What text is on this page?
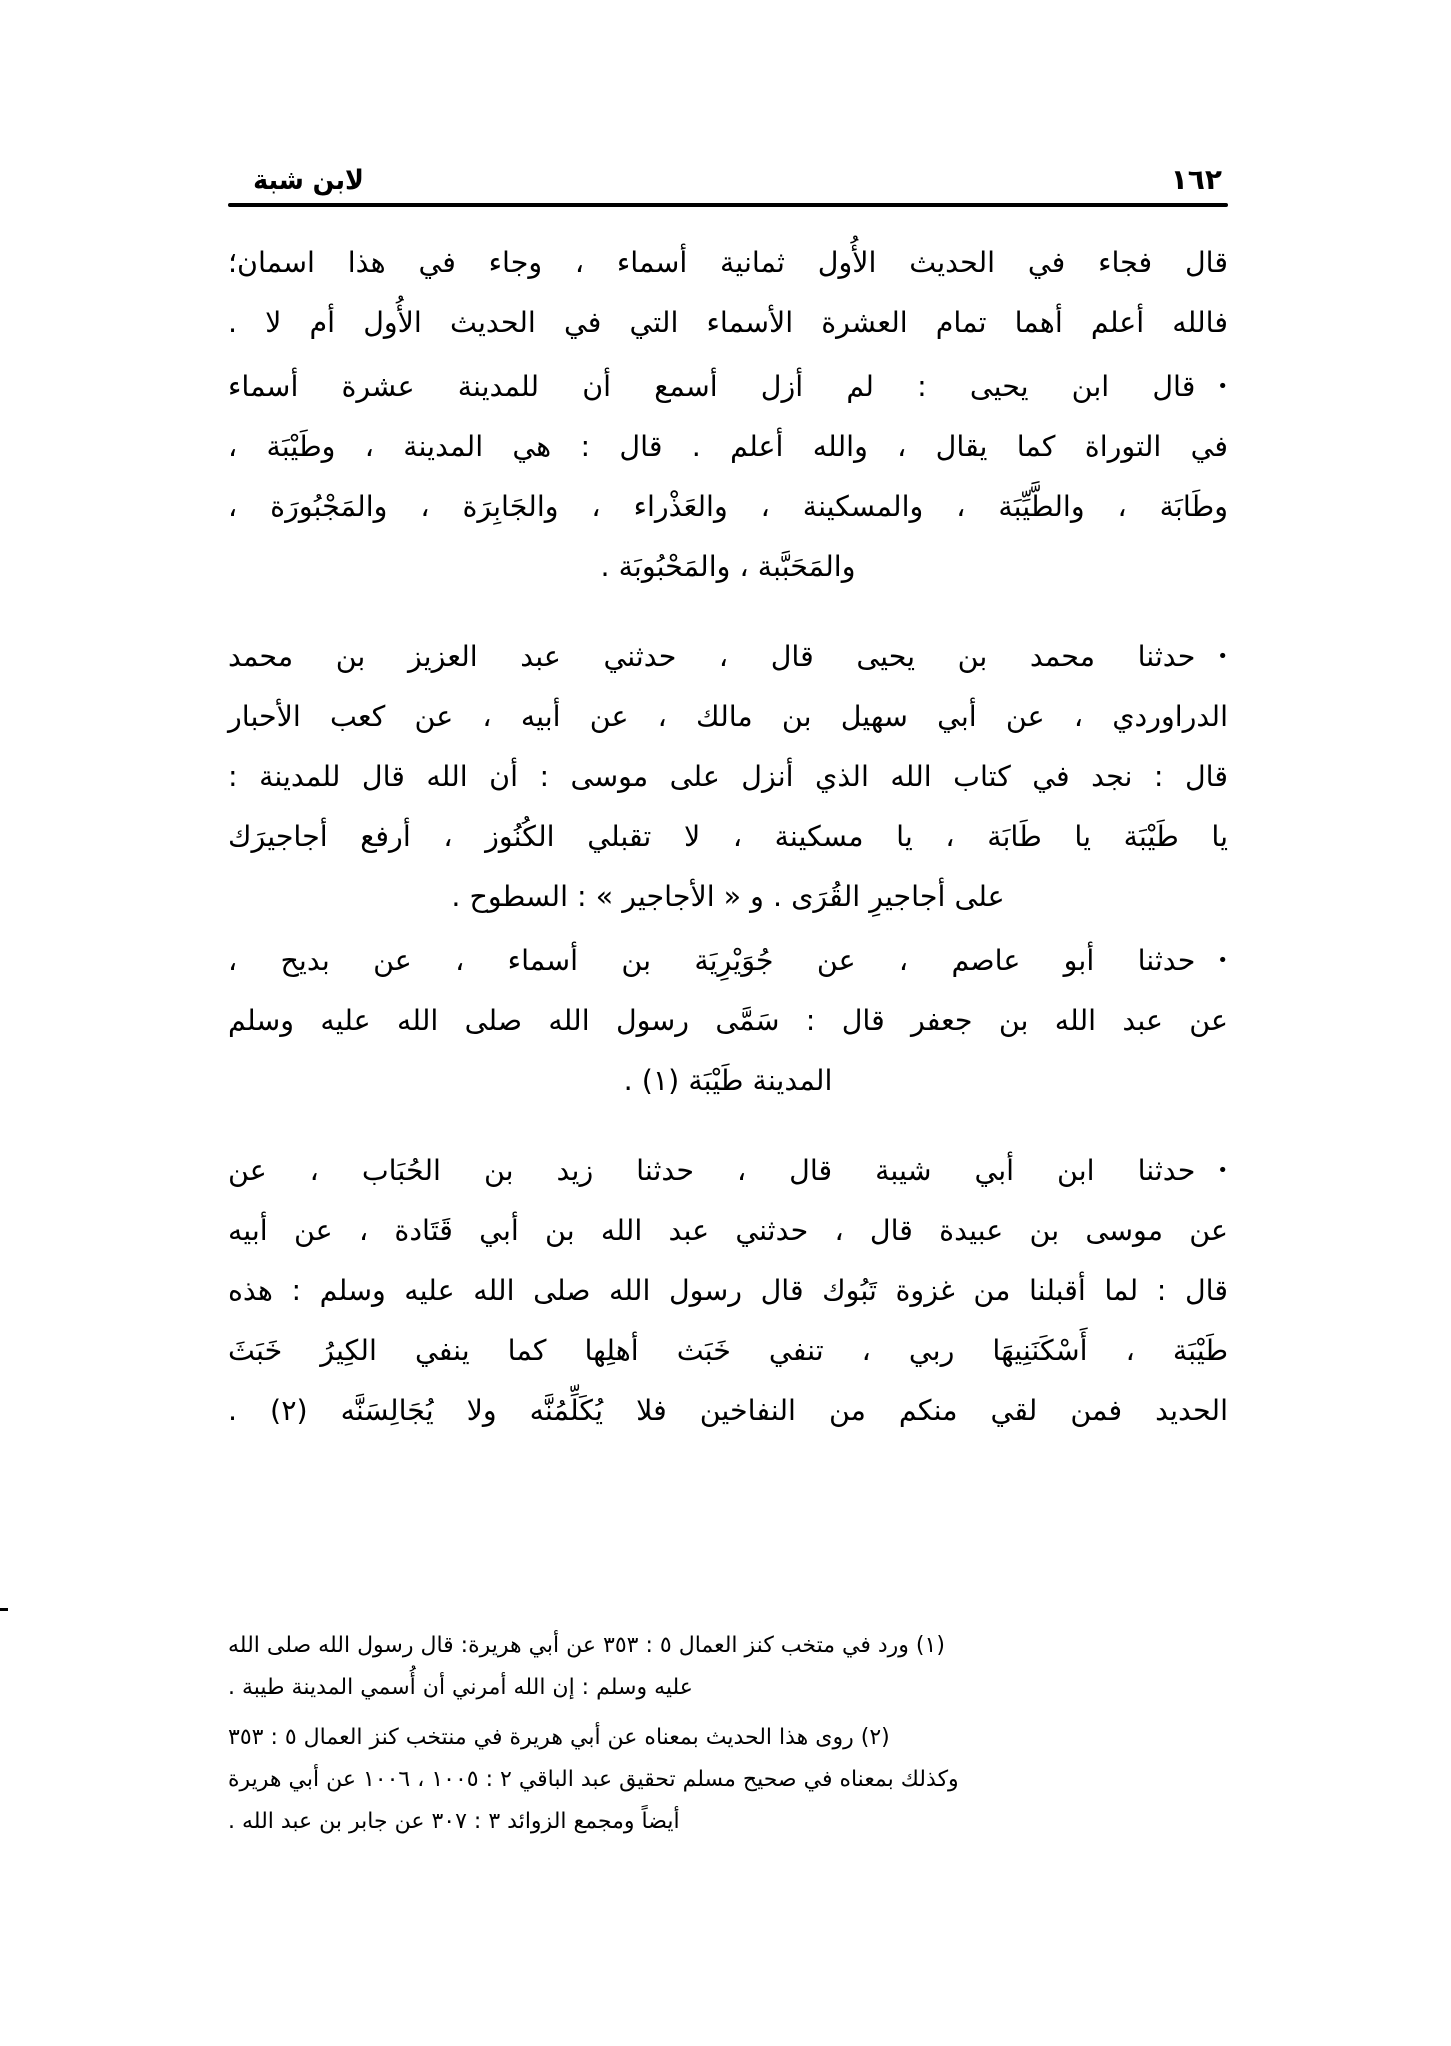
لابن شبة	١٦٢
قال فجاء في الحديث الأُول ثمانية أسماء ، وجاء في هذا اسمان؛
فالله أعلم أهما تمام العشرة الأسماء التي في الحديث الأُول أم لا .
• قال ابن يحيى : لم أزل أسمع أن للمدينة عشرة أسماء
في التوراة كما يقال ، والله أعلم . قال : هي المدينة ، وطَيْبَة ،
وطَابَة ، والطَّيِّبَة ، والمسكينة ، والعَذْراء ، والجَابِرَة ، والمَجْبُورَة ،
والمَحَبَّبة ، والمَحْبُوبَة .
• حدثنا محمد بن يحيى قال ، حدثني عبد العزيز بن محمد
الدراوردي ، عن أبي سهيل بن مالك ، عن أبيه ، عن كعب الأحبار
قال : نجد في كتاب الله الذي أنزل على موسى : أن الله قال للمدينة :
يا طَيْبَة يا طَابَة ، يا مسكينة ، لا تقبلي الكُنُوز ، أرفع أجاجيرَك
على أجاجيرِ القُرَى . و « الأجاجير » : السطوح .
• حدثنا أبو عاصم ، عن جُوَيْرِيَة بن أسماء ، عن بديح ،
عن عبد الله بن جعفر قال : سَمَّى رسول الله صلى الله عليه وسلم
المدينة طَيْبَة (١) .
• حدثنا ابن أبي شيبة قال ، حدثنا زيد بن الحُبَاب ، عن
عن موسى بن عبيدة قال ، حدثني عبد الله بن أبي قَتَادة ، عن أبيه
قال : لما أقبلنا من غزوة تَبُوك قال رسول الله صلى الله عليه وسلم : هذه
طَيْبَة ، أَسْكَنَنِيهَا ربي ، تنفي خَبَث أهلِها كما ينفي الكِيرُ خَبَثَ
الحديد فمن لقي منكم من النفاخين فلا يُكَلِّمُنَّه ولا يُجَالِسَنَّه (٢) .
(١) ورد في متخب كنز العمال ٥ : ٣٥٣ عن أبي هريرة: قال رسول الله صلى الله
عليه وسلم : إن الله أمرني أن أُسمي المدينة طيبة .
(٢) روى هذا الحديث بمعناه عن أبي هريرة في منتخب كنز العمال ٥ : ٣٥٣
وكذلك بمعناه في صحيح مسلم تحقيق عبد الباقي ٢ : ١٠٠٥ ، ١٠٠٦ عن أبي هريرة
أيضاً ومجمع الزوائد ٣ : ٣٠٧ عن جابر بن عبد الله .
